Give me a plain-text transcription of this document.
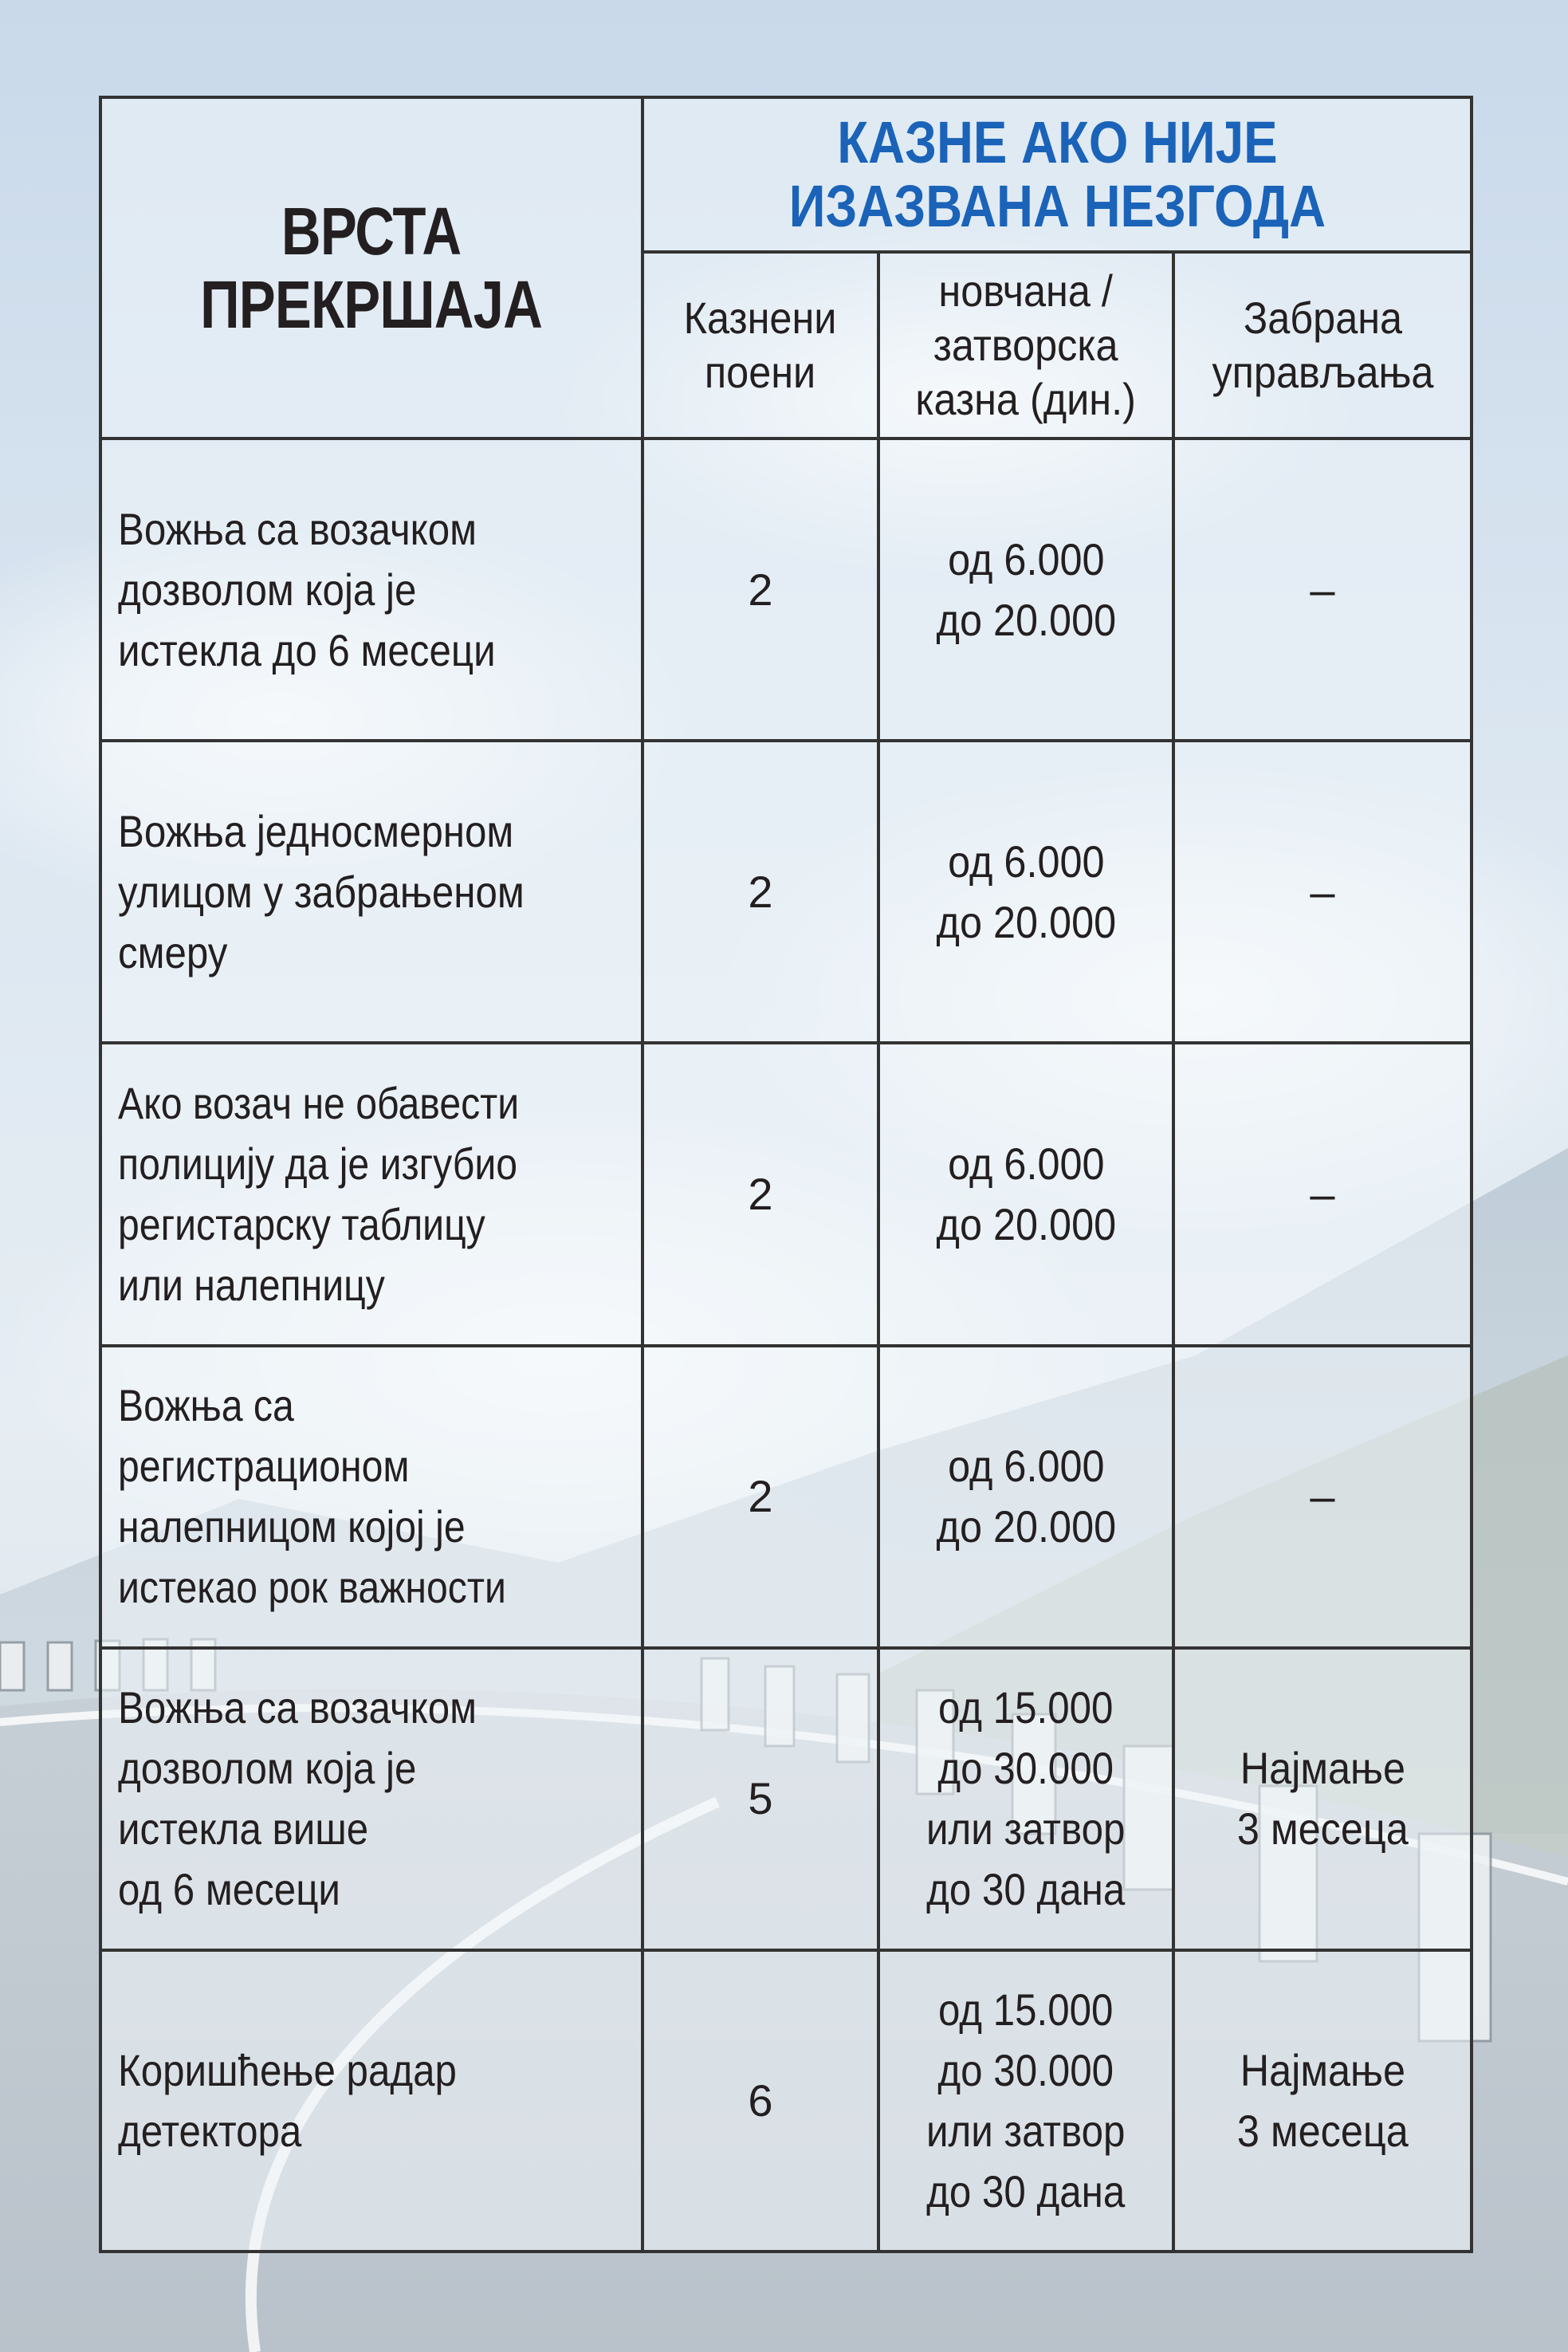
ВРСТА
ПРЕКРШАЈА	КАЗНЕ АКО НИЈЕ
ИЗАЗВАНА НЕЗГОДА		
	Казнени
поени	новчана /
затворска
казна (дин.)	Забрана
управљања
Вожња са возачком
дозволом која је
истекла до 6 месеци	2	од 6.000
до 20.000	–
Вожња једносмерном
улицом у забрањеном
смеру	2	од 6.000
до 20.000	–
Ако возач не обавести
полицију да је изгубио
регистарску таблицу
или налепницу	2	од 6.000
до 20.000	–
Вожња са
регистрационом
налепницом којој је
истекао рок важности	2	од 6.000
до 20.000	–
Вожња са возачком
дозволом која је
истекла више
од 6 месеци	5	од 15.000
до 30.000
или затвор
до 30 дана	Најмање
3 месеца
Коришћење радар
детектора	6	од 15.000
до 30.000
или затвор
до 30 дана	Најмање
3 месеца
